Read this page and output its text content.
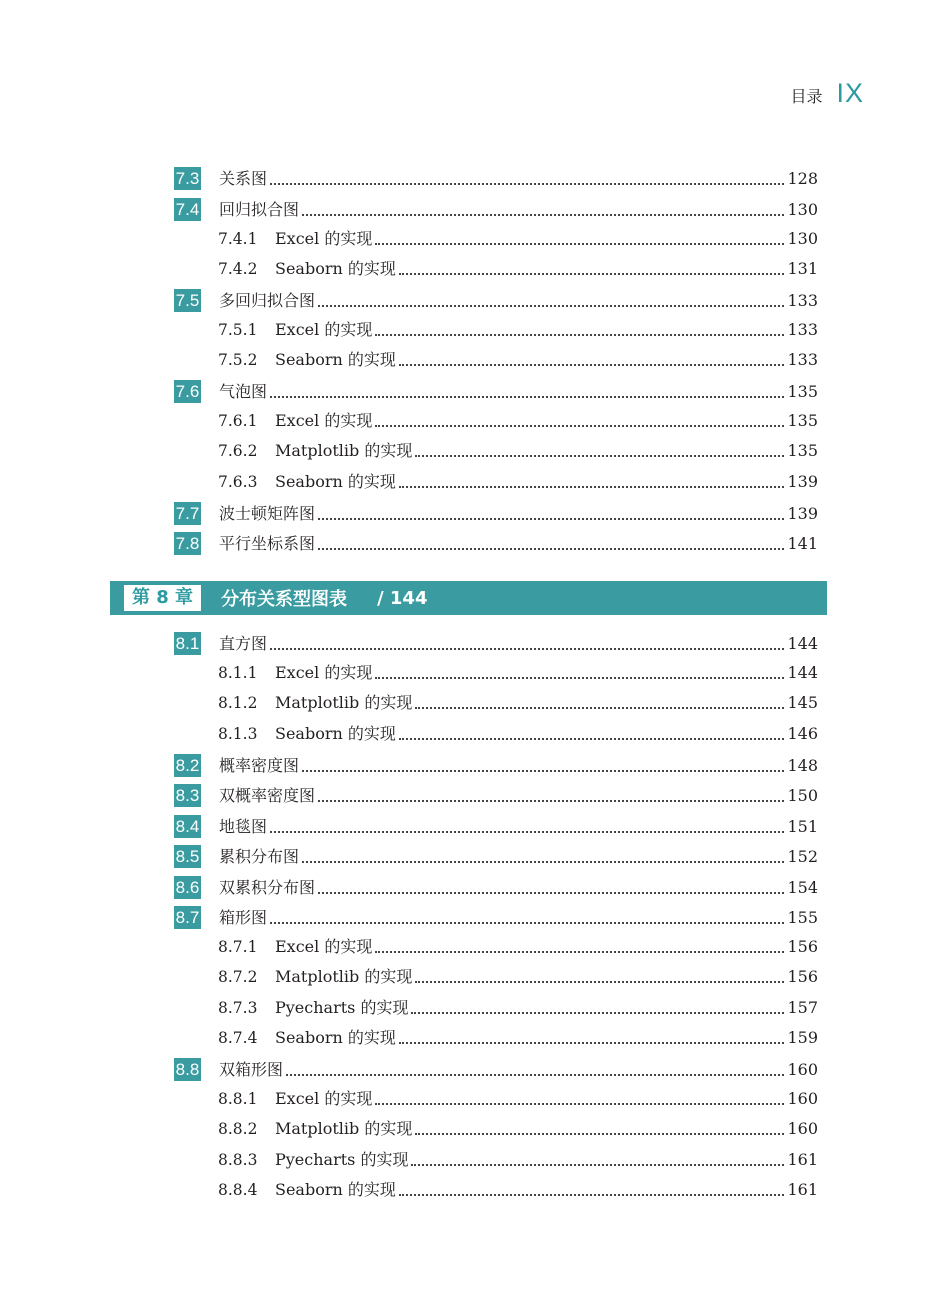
目录 IX
第 8 章	分布关系型图表 / 144
7.3 关系图	128
7.4 回归拟合图	130
7.4.1 Excel 的实现	130
7.4.2 Seaborn 的实现	131
7.5 多回归拟合图	133
7.5.1 Excel 的实现	133
7.5.2 Seaborn 的实现	133
7.6 气泡图	135
7.6.1 Excel 的实现	135
7.6.2 Matplotlib 的实现	135
7.6.3 Seaborn 的实现	139
7.7 波士顿矩阵图	139
7.8 平行坐标系图	141
8.1 直方图	144
8.1.1 Excel 的实现	144
8.1.2 Matplotlib 的实现	145
8.1.3 Seaborn 的实现	146
8.2 概率密度图	148
8.3 双概率密度图	150
8.4 地毯图	151
8.5 累积分布图	152
8.6 双累积分布图	154
8.7 箱形图	155
8.7.1 Excel 的实现	156
8.7.2 Matplotlib 的实现	156
8.7.3 Pyecharts 的实现	157
8.7.4 Seaborn 的实现	159
8.8 双箱形图	160
8.8.1 Excel 的实现	160
8.8.2 Matplotlib 的实现	160
8.8.3 Pyecharts 的实现	161
8.8.4 Seaborn 的实现	161
